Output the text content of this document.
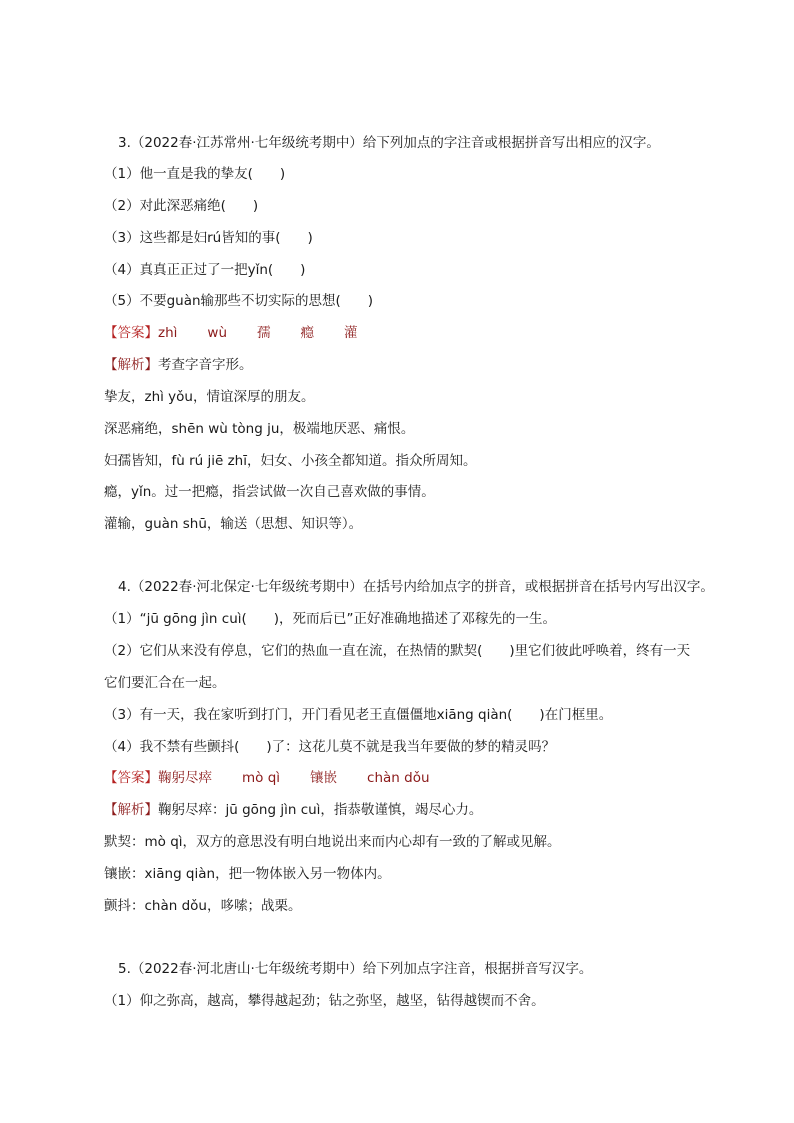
3.（2022春·江苏常州·七年级统考期中）给下列加点的字注音或根据拼音写出相应的汉字。
（1）他一直是我的挚友(　　)
（2）对此深恶痛绝(　　)
（3）这些都是妇rú皆知的事(　　)
（4）真真正正过了一把yǐn(　　)
（5）不要guàn输那些不切实际的思想(　　)
【答案】zhì wù 孺 瘾 灌
【解析】考查字音字形。
挚友，zhì yǒu，情谊深厚的朋友。
深恶痛绝，shēn wù tòng ju，极端地厌恶、痛恨。
妇孺皆知，fù rú jiē zhī，妇女、小孩全都知道。指众所周知。
瘾，yǐn。过一把瘾，指尝试做一次自己喜欢做的事情。
灌输，guàn shū，输送（思想、知识等）。
4.（2022春·河北保定·七年级统考期中）在括号内给加点字的拼音，或根据拼音在括号内写出汉字。
（1）“jū gōng jìn cuì(　　)，死而后已”正好准确地描述了邓稼先的一生。
（2）它们从来没有停息，它们的热血一直在流，在热情的默契(　　)里它们彼此呼唤着，终有一天
它们要汇合在一起。
（3）有一天，我在家听到打门，开门看见老王直僵僵地xiāng qiàn(　　)在门框里。
（4）我不禁有些颤抖(　　)了：这花儿莫不就是我当年要做的梦的精灵吗？
【答案】鞠躬尽瘁 mò qì 镶嵌 chàn dǒu
【解析】鞠躬尽瘁：jū gōng jìn cuì，指恭敬谨慎，竭尽心力。
默契：mò qì，双方的意思没有明白地说出来而内心却有一致的了解或见解。
镶嵌：xiāng qiàn，把一物体嵌入另一物体内。
颤抖：chàn dǒu，哆嗦；战栗。
5.（2022春·河北唐山·七年级统考期中）给下列加点字注音，根据拼音写汉字。
（1）仰之弥高，越高，攀得越起劲；钻之弥坚，越坚，钻得越锲而不舍。
